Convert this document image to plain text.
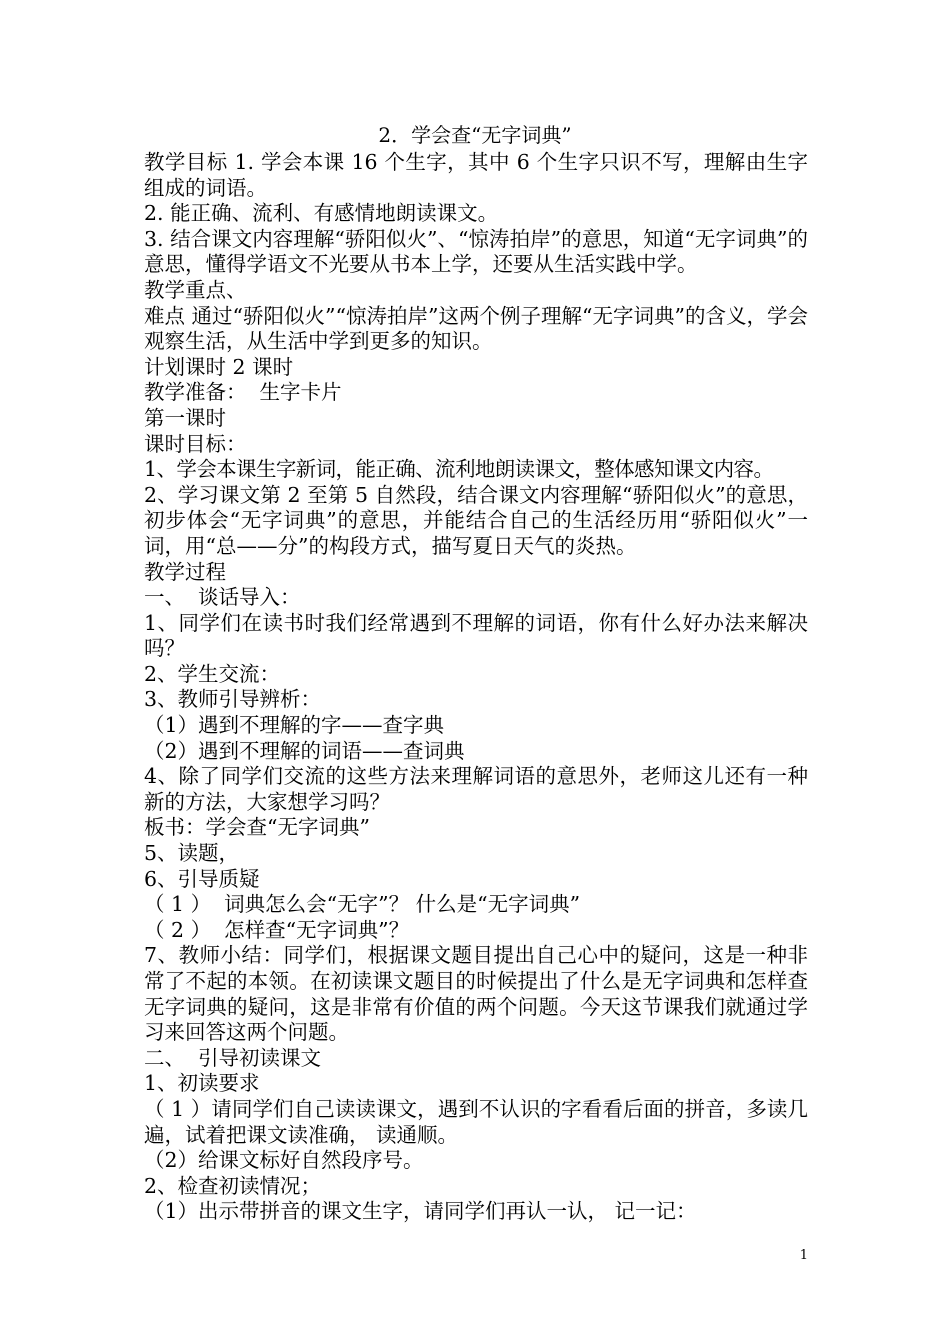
2．学会查“无字词典”

教学目标 1. 学会本课 16 个生字，其中 6 个生字只识不写，理解由生字组成的词语。

2. 能正确、流利、有感情地朗读课文。

3. 结合课文内容理解“骄阳似火”、“惊涛拍岸”的意思，知道“无字词典”的意思，懂得学语文不光要从书本上学，还要从生活实践中学。

教学重点、

难点 通过“骄阳似火”“惊涛拍岸”这两个例子理解“无字词典”的含义，学会观察生活，从生活中学到更多的知识。

计划课时 2 课时

教学准备：  生字卡片

第一课时

课时目标：

1、学会本课生字新词，能正确、流利地朗读课文，整体感知课文内容。

2、学习课文第 2 至第 5 自然段，结合课文内容理解“骄阳似火”的意思，初步体会“无字词典”的意思，并能结合自己的生活经历用“骄阳似火”一词，用“总——分”的构段方式，描写夏日天气的炎热。

教学过程

一、  谈话导入：

1、同学们在读书时我们经常遇到不理解的词语，你有什么好办法来解决吗？

2、学生交流：

3、教师引导辨析：

（1）遇到不理解的字——查字典

（2）遇到不理解的词语——查词典

4、除了同学们交流的这些方法来理解词语的意思外，老师这儿还有一种新的方法，大家想学习吗？

板书：学会查“无字词典”

5、读题，

6、引导质疑

（ 1 ）  词典怎么会“无字”？ 什么是“无字词典”

（ 2 ）  怎样查“无字词典”？

7、教师小结：同学们，根据课文题目提出自己心中的疑问，这是一种非常了不起的本领。在初读课文题目的时候提出了什么是无字词典和怎样查无字词典的疑问，这是非常有价值的两个问题。今天这节课我们就通过学习来回答这两个问题。

二、  引导初读课文

1、初读要求

（ 1 ）请同学们自己读读课文，遇到不认识的字看看后面的拼音，多读几遍，试着把课文读准确， 读通顺。

（2）给课文标好自然段序号。

2、检查初读情况；

（1）出示带拼音的课文生字，请同学们再认一认， 记一记：

1
